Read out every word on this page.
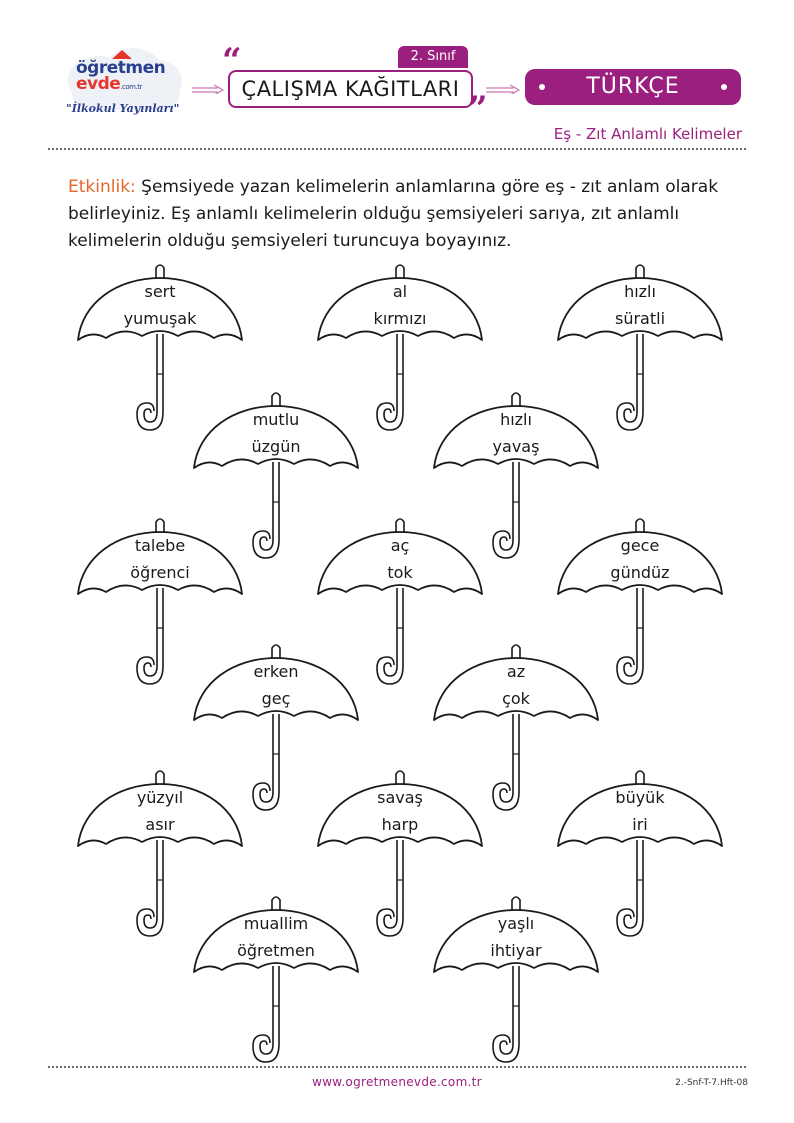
öğretmen
evde.com.tr
"İlkokul Yayınları"
2. Sınıf
“
ÇALIŞMA KAĞITLARI ”
TÜRKÇE
Eş - Zıt Anlamlı Kelimeler
Etkinlik: Şemsiyede yazan kelimelerin anlamlarına göre eş - zıt anlam olarak belirleyiniz. Eş anlamlı kelimelerin olduğu şemsiyeleri sarıya, zıt anlamlı kelimelerin olduğu şemsiyeleri turuncuya boyayınız.
sert
yumuşak
al
kırmızı
hızlı
süratli
mutlu
üzgün
hızlı
yavaş
talebe
öğrenci
aç
tok
gece
gündüz
erken
geç
az
çok
yüzyıl
asır
savaş
harp
büyük
iri
muallim
öğretmen
yaşlı
ihtiyar
www.ogretmenevde.com.tr	2.-Snf-T-7.Hft-08
